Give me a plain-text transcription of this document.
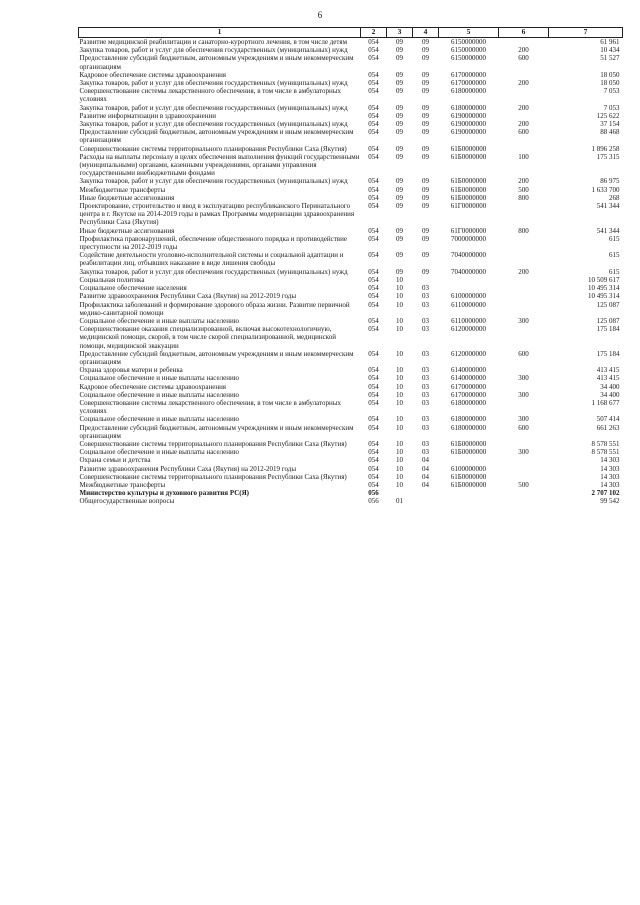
6
1	2	3	4	5	6	7
Развитие медицинской реабилитации и санаторно-курортного лечения, в том числе детям	054	09	09	6150000000		61 961
Закупка товаров, работ и услуг для обеспечения государственных (муниципальных) нужд	054	09	09	6150000000	200	10 434
Предоставление субсидий бюджетным, автономным учреждениям и иным некоммерческим организациям	054	09	09	6150000000	600	51 527
Кадровое обеспечение системы здравоохранения	054	09	09	6170000000		18 050
Закупка товаров, работ и услуг для обеспечения государственных (муниципальных) нужд	054	09	09	6170000000	200	18 050
Совершенствование системы лекарственного обеспечения, в том числе в амбулаторных условиях	054	09	09	6180000000		7 053
Закупка товаров, работ и услуг для обеспечения государственных (муниципальных) нужд	054	09	09	6180000000	200	7 053
Развитие информатизации в здравоохранении	054	09	09	6190000000		125 622
Закупка товаров, работ и услуг для обеспечения государственных (муниципальных) нужд	054	09	09	6190000000	200	37 154
Предоставление субсидий бюджетным, автономным учреждениям и иным некоммерческим организациям	054	09	09	6190000000	600	88 468
Совершенствование системы территориального планирования Республики Саха (Якутия)	054	09	09	61Б0000000		1 896 258
Расходы на выплаты персоналу в целях обеспечения выполнения функций государственными (муниципальными) органами, казенными учреждениями, органами управления государственными внебюджетными фондами	054	09	09	61Б0000000	100	175 315
Закупка товаров, работ и услуг для обеспечения государственных (муниципальных) нужд	054	09	09	61Б0000000	200	86 975
Межбюджетные трансферты	054	09	09	61Б0000000	500	1 633 700
Иные бюджетные ассигнования	054	09	09	61Б0000000	800	268
Проектирование, строительство и ввод в эксплуатацию республиканского Перинатального центра в г. Якутске на 2014-2019 годы в рамках Программы модернизации здравоохранения Республики Саха (Якутия)	054	09	09	61Г0000000		541 344
Иные бюджетные ассигнования	054	09	09	61Г0000000	800	541 344
Профилактика правонарушений, обеспечение общественного порядка и противодействие преступности на 2012-2019 годы	054	09	09	7000000000		615
Содействие деятельности уголовно-исполнительной системы и социальной адаптации и реабилитации лиц, отбывших наказание в виде лишения свободы	054	09	09	7040000000		615
Закупка товаров, работ и услуг для обеспечения государственных (муниципальных) нужд	054	09	09	7040000000	200	615
Социальная политика	054	10				10 509 617
Социальное обеспечение населения	054	10	03			10 495 314
Развитие здравоохранения Республики Саха (Якутия) на 2012-2019 годы	054	10	03	6100000000		10 495 314
Профилактика заболеваний и формирование здорового образа жизни. Развитие первичной медико-санитарной помощи	054	10	03	6110000000		125 087
Социальное обеспечение и иные выплаты населению	054	10	03	6110000000	300	125 087
Совершенствование оказания специализированной, включая высокотехнологичную, медицинской помощи, скорой, в том числе скорой специализированной, медицинской помощи, медицинской эвакуации	054	10	03	6120000000		175 184
Предоставление субсидий бюджетным, автономным учреждениям и иным некоммерческим организациям	054	10	03	6120000000	600	175 184
Охрана здоровья матери и ребенка	054	10	03	6140000000		413 415
Социальное обеспечение и иные выплаты населению	054	10	03	6140000000	300	413 415
Кадровое обеспечение системы здравоохранения	054	10	03	6170000000		34 400
Социальное обеспечение и иные выплаты населению	054	10	03	6170000000	300	34 400
Совершенствование системы лекарственного обеспечения, в том числе в амбулаторных условиях	054	10	03	6180000000		1 168 677
Социальное обеспечение и иные выплаты населению	054	10	03	6180000000	300	507 414
Предоставление субсидий бюджетным, автономным учреждениям и иным некоммерческим организациям	054	10	03	6180000000	600	661 263
Совершенствование системы территориального планирования Республики Саха (Якутия)	054	10	03	61Б0000000		8 578 551
Социальное обеспечение и иные выплаты населению	054	10	03	61Б0000000	300	8 578 551
Охрана семьи и детства	054	10	04			14 303
Развитие здравоохранения Республики Саха (Якутия) на 2012-2019 годы	054	10	04	6100000000		14 303
Совершенствование системы территориального планирования Республики Саха (Якутия)	054	10	04	61Б0000000		14 303
Межбюджетные трансферты	054	10	04	61Б0000000	500	14 303
Министерство культуры и духовного развития РС(Я)	056					2 707 102
Общегосударственные вопросы	056	01				99 542
